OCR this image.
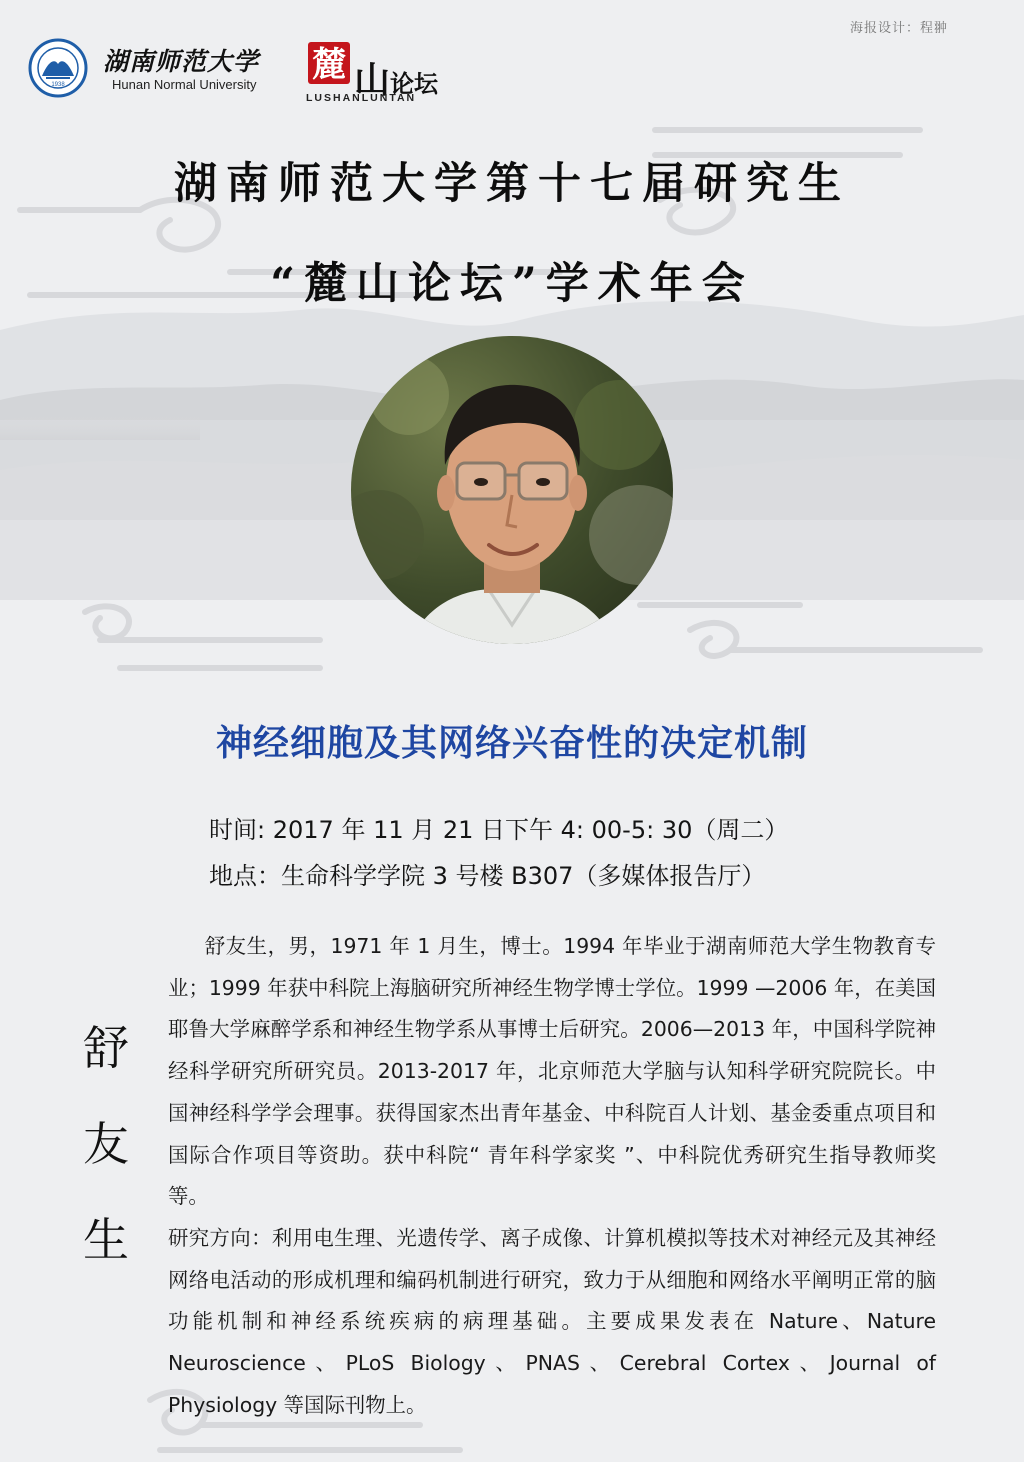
海报设计：程翀
1938
湖南师范大学
Hunan Normal University 麓 山论坛
LUSHANLUNTAN
湖南师范大学第十七届研究生
“麓山论坛”学术年会
神经细胞及其网络兴奋性的决定机制
时间: 2017 年 11 月 21 日下午 4: 00-5: 30（周二）
地点：生命科学学院 3 号楼 B307（多媒体报告厅）
舒
友
生

舒友生，男，1971 年 1 月生，博士。1994 年毕业于湖南师范大学生物教育专业；1999 年获中科院上海脑研究所神经生物学博士学位。1999 —2006 年，在美国耶鲁大学麻醉学系和神经生物学系从事博士后研究。2006—2013 年，中国科学院神经科学研究所研究员。2013-2017 年，北京师范大学脑与认知科学研究院院长。中国神经科学学会理事。获得国家杰出青年基金、中科院百人计划、基金委重点项目和国际合作项目等资助。获中科院“ 青年科学家奖 ”、中科院优秀研究生指导教师奖等。

研究方向：利用电生理、光遗传学、离子成像、计算机模拟等技术对神经元及其神经网络电活动的形成机理和编码机制进行研究，致力于从细胞和网络水平阐明正常的脑功能机制和神经系统疾病的病理基础。主要成果发表在 Nature、Nature Neuroscience、PLoS Biology、PNAS、Cerebral Cortex、Journal of Physiology 等国际刊物上。
